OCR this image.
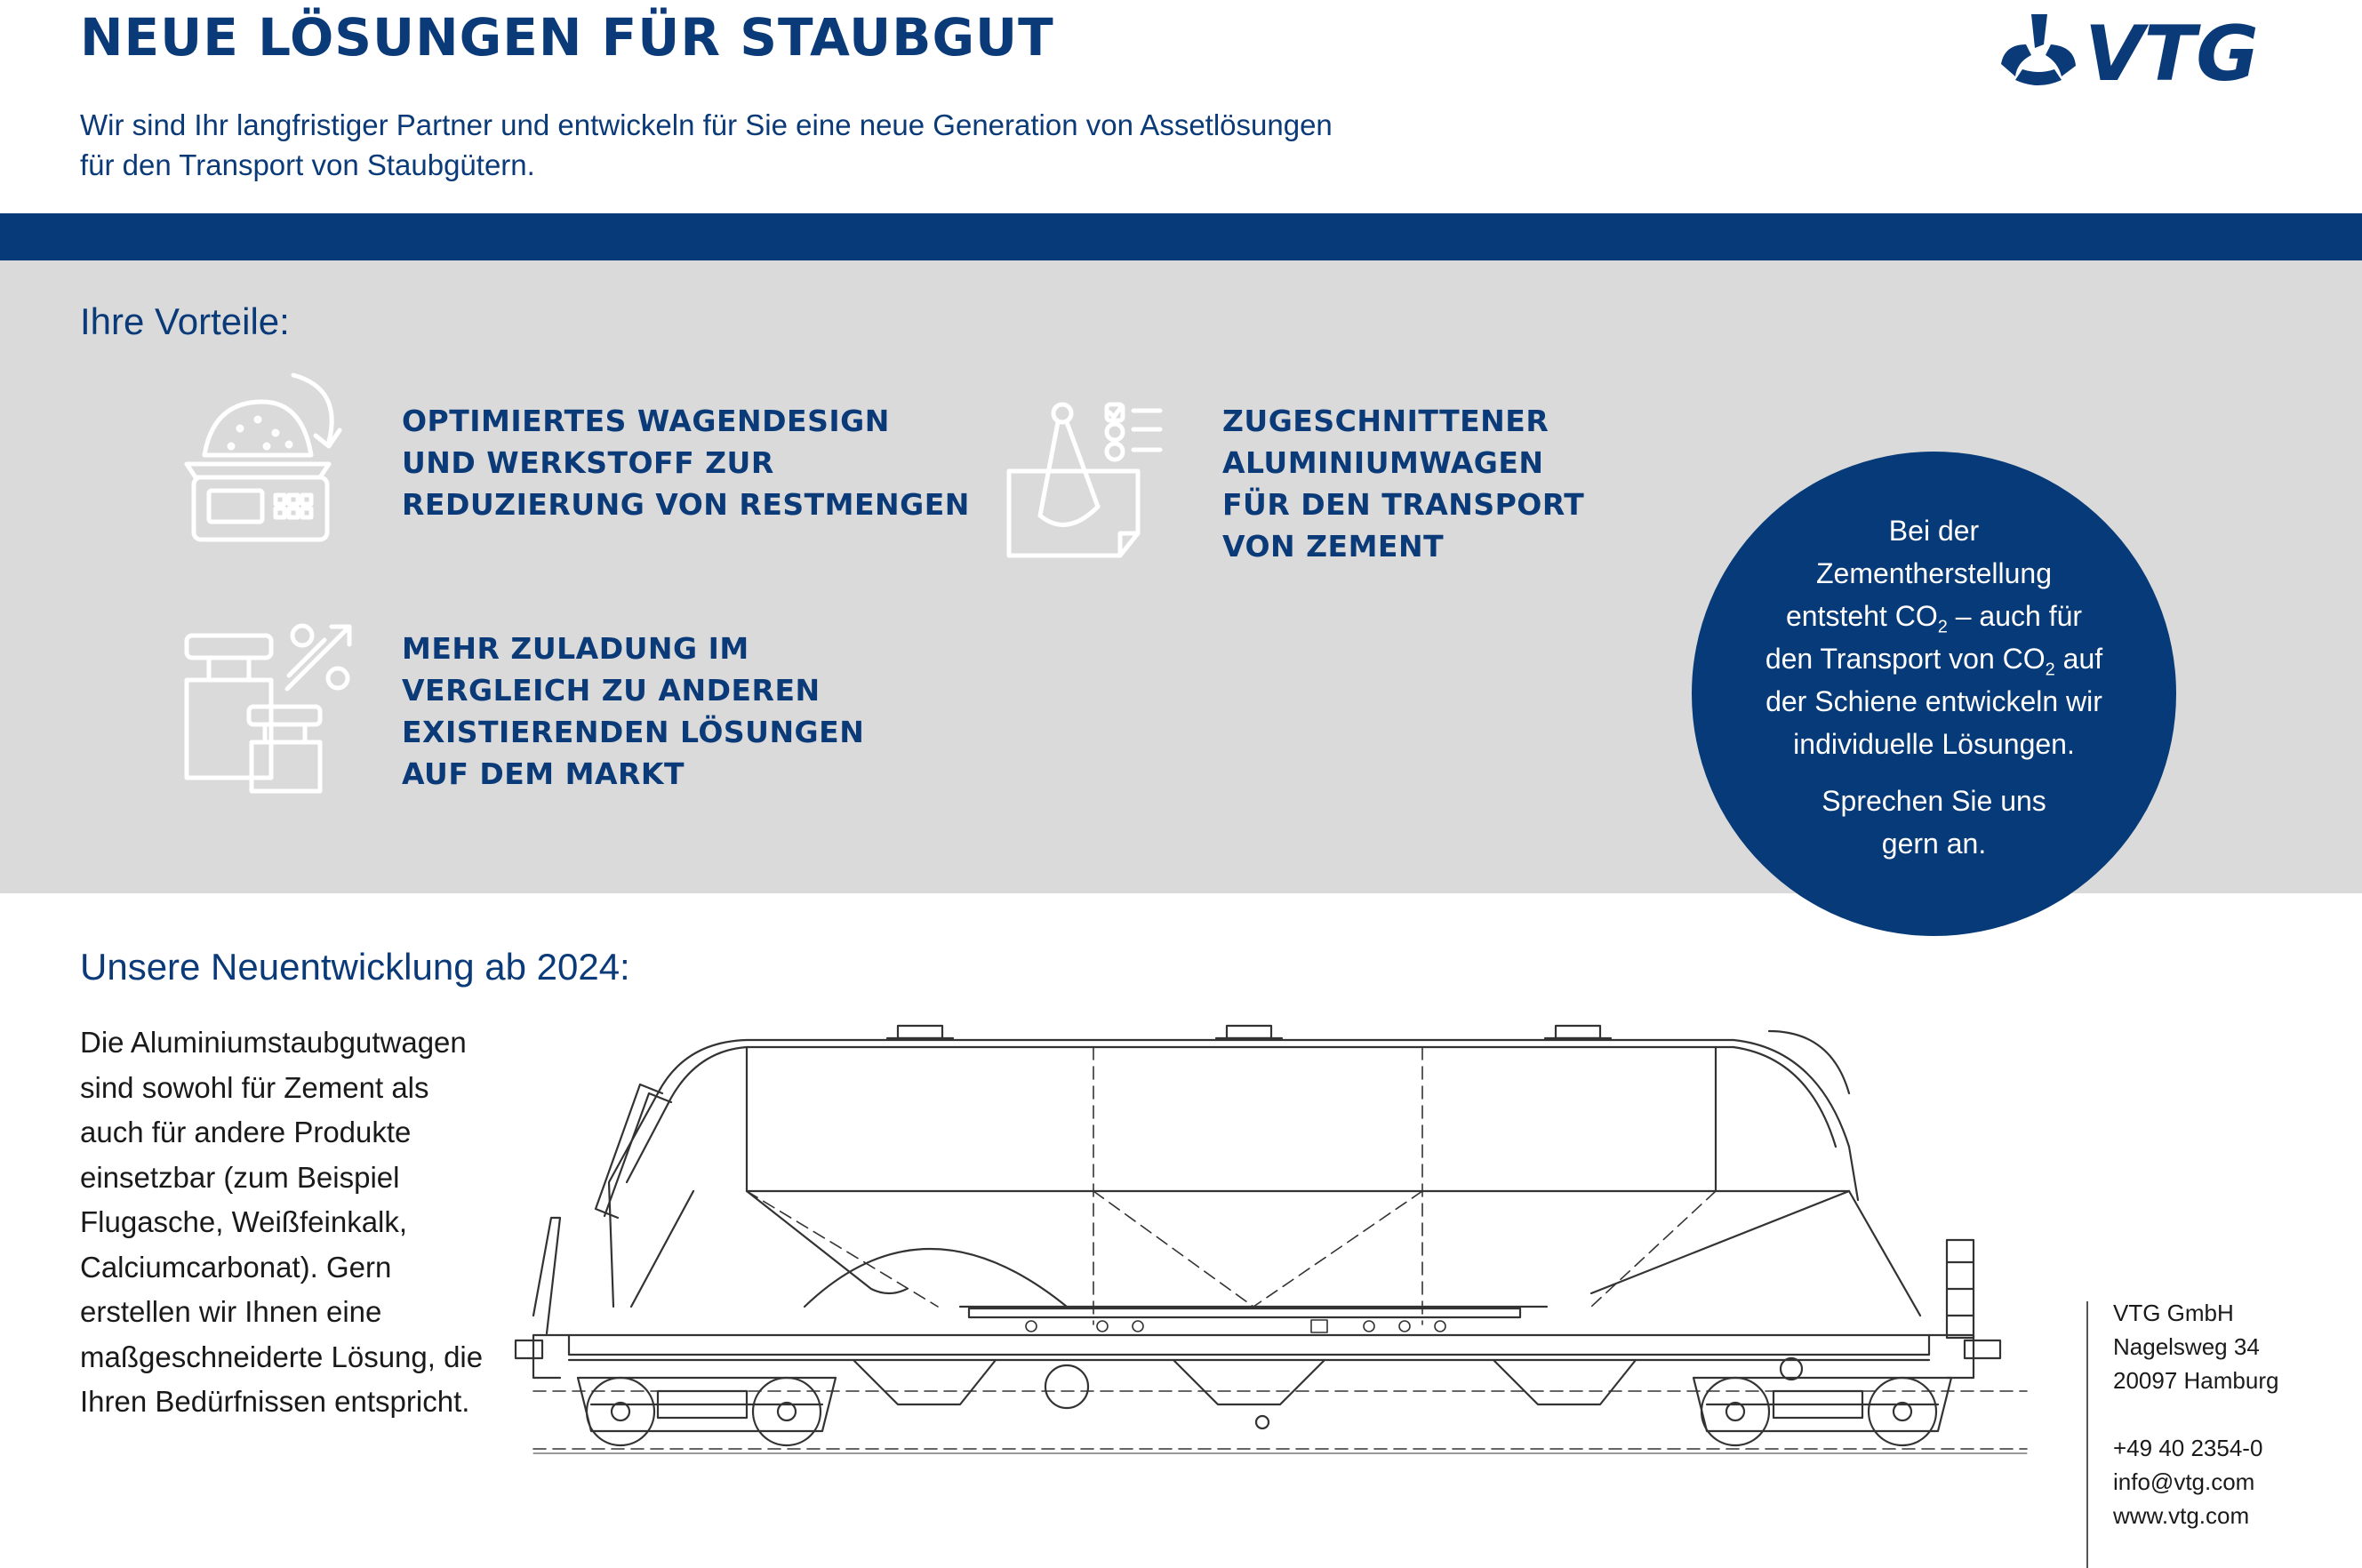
NEUE LÖSUNGEN FÜR STAUBGUT
Wir sind Ihr langfristiger Partner und entwickeln für Sie eine neue Generation von Assetlösungen
für den Transport von Staubgütern.
VTG
Ihre Vorteile:
OPTIMIERTES WAGENDESIGN
UND WERKSTOFF ZUR
REDUZIERUNG VON RESTMENGEN
ZUGESCHNITTENER
ALUMINIUMWAGEN
FÜR DEN TRANSPORT
VON ZEMENT
MEHR ZULADUNG IM
VERGLEICH ZU ANDEREN
EXISTIERENDEN LÖSUNGEN
AUF DEM MARKT

Bei der

Zementherstellung

entsteht $CO_2$ – auch für

den Transport von $CO_2$ auf

der Schiene entwickeln wir

individuelle Lösungen.

Sprechen Sie uns

gern an.

Unsere Neuentwicklung ab 2024:
Die Aluminiumstaubgutwagen sind sowohl für Zement als auch für andere Produkte einsetzbar (zum Beispiel Flugasche, Weißfeinkalk, Calciumcarbonat). Gern erstellen wir Ihnen eine maßgeschneiderte Lösung, die Ihren Bedürfnissen entspricht.
VTG GmbH
Nagelsweg 34
20097 Hamburg
+49 40 2354-0
info@vtg.com
www.vtg.com
